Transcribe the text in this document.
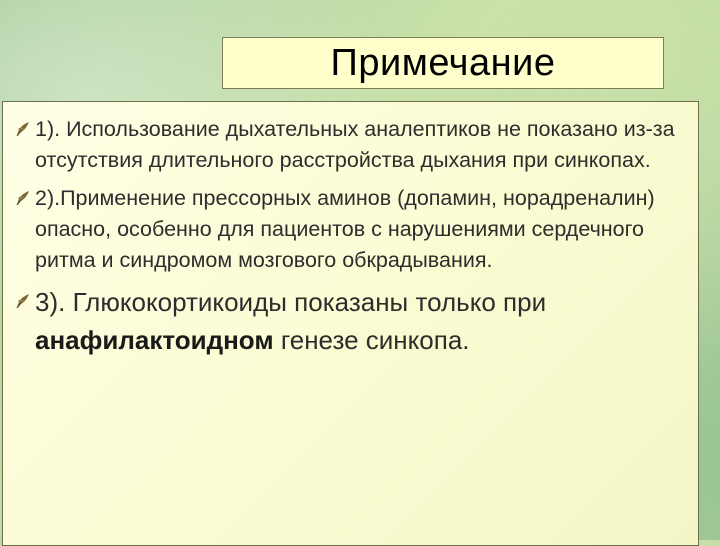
Примечание
1). Использование дыхательных аналептиков не показано из-за отсутствия длительного расстройства дыхания при синкопах.
2).Применение прессорных аминов (допамин, норадреналин) опасно, особенно для пациентов с нарушениями сердечного ритма и синдромом мозгового обкрадывания.
3). Глюкокортикоиды показаны только при анафилактоидном генезе синкопа.
